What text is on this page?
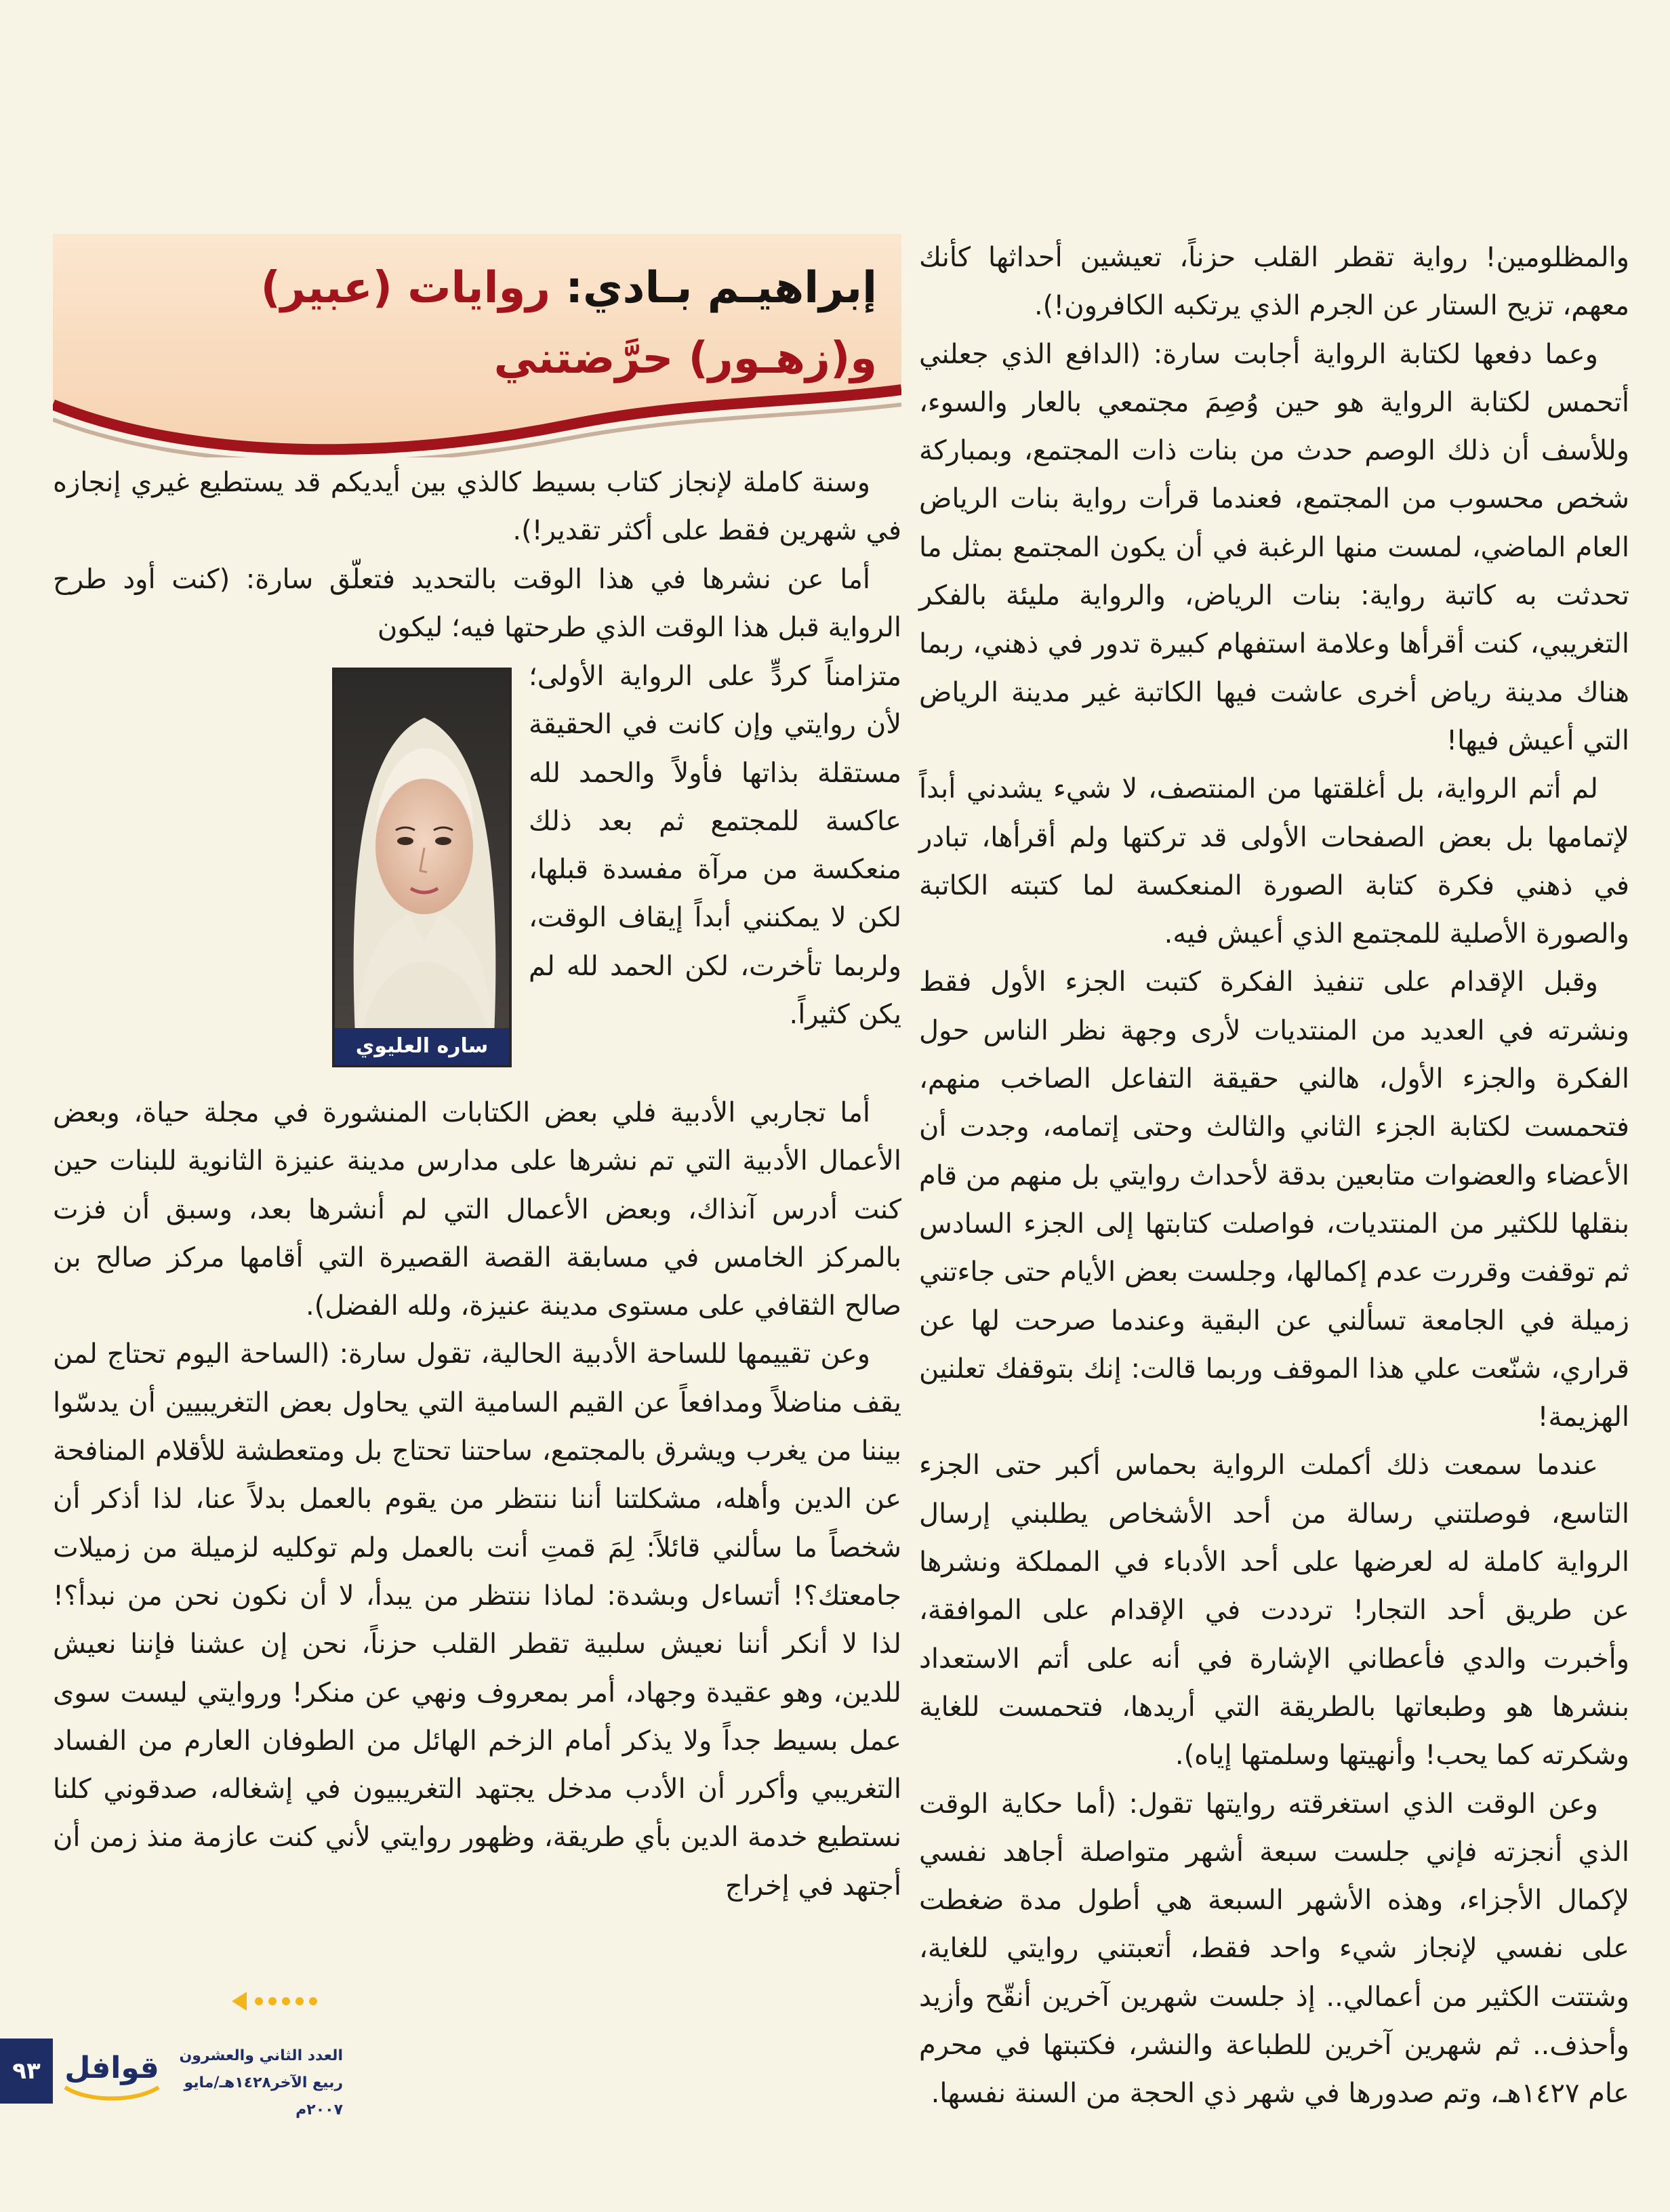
إبراهيـم بـادي: روايات (عبير) و(زهـور) حرَّضتني

والمظلومين! رواية تقطر القلب حزناً، تعيشين أحداثها كأنك معهم، تزيح الستار عن الجرم الذي يرتكبه الكافرون!).

وعما دفعها لكتابة الرواية أجابت سارة: (الدافع الذي جعلني أتحمس لكتابة الرواية هو حين وُصِمَ مجتمعي بالعار والسوء، وللأسف أن ذلك الوصم حدث من بنات ذات المجتمع، وبمباركة شخص محسوب من المجتمع، فعندما قرأت رواية بنات الرياض العام الماضي، لمست منها الرغبة في أن يكون المجتمع بمثل ما تحدثت به كاتبة رواية: بنات الرياض، والرواية مليئة بالفكر التغريبي، كنت أقرأها وعلامة استفهام كبيرة تدور في ذهني، ربما هناك مدينة رياض أخرى عاشت فيها الكاتبة غير مدينة الرياض التي أعيش فيها!

لم أتم الرواية، بل أغلقتها من المنتصف، لا شيء يشدني أبداً لإتمامها بل بعض الصفحات الأولى قد تركتها ولم أقرأها، تبادر في ذهني فكرة كتابة الصورة المنعكسة لما كتبته الكاتبة والصورة الأصلية للمجتمع الذي أعيش فيه.

وقبل الإقدام على تنفيذ الفكرة كتبت الجزء الأول فقط ونشرته في العديد من المنتديات لأرى وجهة نظر الناس حول الفكرة والجزء الأول، هالني حقيقة التفاعل الصاخب منهم، فتحمست لكتابة الجزء الثاني والثالث وحتى إتمامه، وجدت أن الأعضاء والعضوات متابعين بدقة لأحداث روايتي بل منهم من قام بنقلها للكثير من المنتديات، فواصلت كتابتها إلى الجزء السادس ثم توقفت وقررت عدم إكمالها، وجلست بعض الأيام حتى جاءتني زميلة في الجامعة تسألني عن البقية وعندما صرحت لها عن قراري، شنّعت علي هذا الموقف وربما قالت: إنك بتوقفك تعلنين الهزيمة!

عندما سمعت ذلك أكملت الرواية بحماس أكبر حتى الجزء التاسع، فوصلتني رسالة من أحد الأشخاص يطلبني إرسال الرواية كاملة له لعرضها على أحد الأدباء في المملكة ونشرها عن طريق أحد التجار! ترددت في الإقدام على الموافقة، وأخبرت والدي فأعطاني الإشارة في أنه على أتم الاستعداد بنشرها هو وطبعاتها بالطريقة التي أريدها، فتحمست للغاية وشكرته كما يحب! وأنهيتها وسلمتها إياه).

وعن الوقت الذي استغرقته روايتها تقول: (أما حكاية الوقت الذي أنجزته فإني جلست سبعة أشهر متواصلة أجاهد نفسي لإكمال الأجزاء، وهذه الأشهر السبعة هي أطول مدة ضغطت على نفسي لإنجاز شيء واحد فقط، أتعبتني روايتي للغاية، وشتتت الكثير من أعمالي.. إذ جلست شهرين آخرين أنقّح وأزيد وأحذف.. ثم شهرين آخرين للطباعة والنشر، فكتبتها في محرم عام ١٤٢٧هـ، وتم صدورها في شهر ذي الحجة من السنة نفسها.

وسنة كاملة لإنجاز كتاب بسيط كالذي بين أيديكم قد يستطيع غيري إنجازه في شهرين فقط على أكثر تقدير!).

أما عن نشرها في هذا الوقت بالتحديد فتعلّق سارة: (كنت أود طرح الرواية قبل هذا الوقت الذي طرحتها فيه؛ ليكون

ساره العليوي

متزامناً كردٍّ على الرواية الأولى؛ لأن روايتي وإن كانت في الحقيقة مستقلة بذاتها فأولاً والحمد لله عاكسة للمجتمع ثم بعد ذلك منعكسة من مرآة مفسدة قبلها، لكن لا يمكنني أبداً إيقاف الوقت، ولربما تأخرت، لكن الحمد لله لم يكن كثيراً.

أما تجاربي الأدبية فلي بعض الكتابات المنشورة في مجلة حياة، وبعض الأعمال الأدبية التي تم نشرها على مدارس مدينة عنيزة الثانوية للبنات حين كنت أدرس آنذاك، وبعض الأعمال التي لم أنشرها بعد، وسبق أن فزت بالمركز الخامس في مسابقة القصة القصيرة التي أقامها مركز صالح بن صالح الثقافي على مستوى مدينة عنيزة، ولله الفضل).

وعن تقييمها للساحة الأدبية الحالية، تقول سارة: (الساحة اليوم تحتاج لمن يقف مناضلاً ومدافعاً عن القيم السامية التي يحاول بعض التغريبيين أن يدسّوا بيننا من يغرب ويشرق بالمجتمع، ساحتنا تحتاج بل ومتعطشة للأقلام المنافحة عن الدين وأهله، مشكلتنا أننا ننتظر من يقوم بالعمل بدلاً عنا، لذا أذكر أن شخصاً ما سألني قائلاً: لِمَ قمتِ أنت بالعمل ولم توكليه لزميلة من زميلات جامعتك؟! أتساءل وبشدة: لماذا ننتظر من يبدأ، لا أن نكون نحن من نبدأ؟! لذا لا أنكر أننا نعيش سلبية تقطر القلب حزناً، نحن إن عشنا فإننا نعيش للدين، وهو عقيدة وجهاد، أمر بمعروف ونهي عن منكر! وروايتي ليست سوى عمل بسيط جداً ولا يذكر أمام الزخم الهائل من الطوفان العارم من الفساد التغريبي وأكرر أن الأدب مدخل يجتهد التغريبيون في إشغاله، صدقوني كلنا نستطيع خدمة الدين بأي طريقة، وظهور روايتي لأني كنت عازمة منذ زمن أن أجتهد في إخراج

٩٣ قوافل	العدد الثاني والعشرون
ربيع الآخر١٤٢٨هـ/مايو ٢٠٠٧م
